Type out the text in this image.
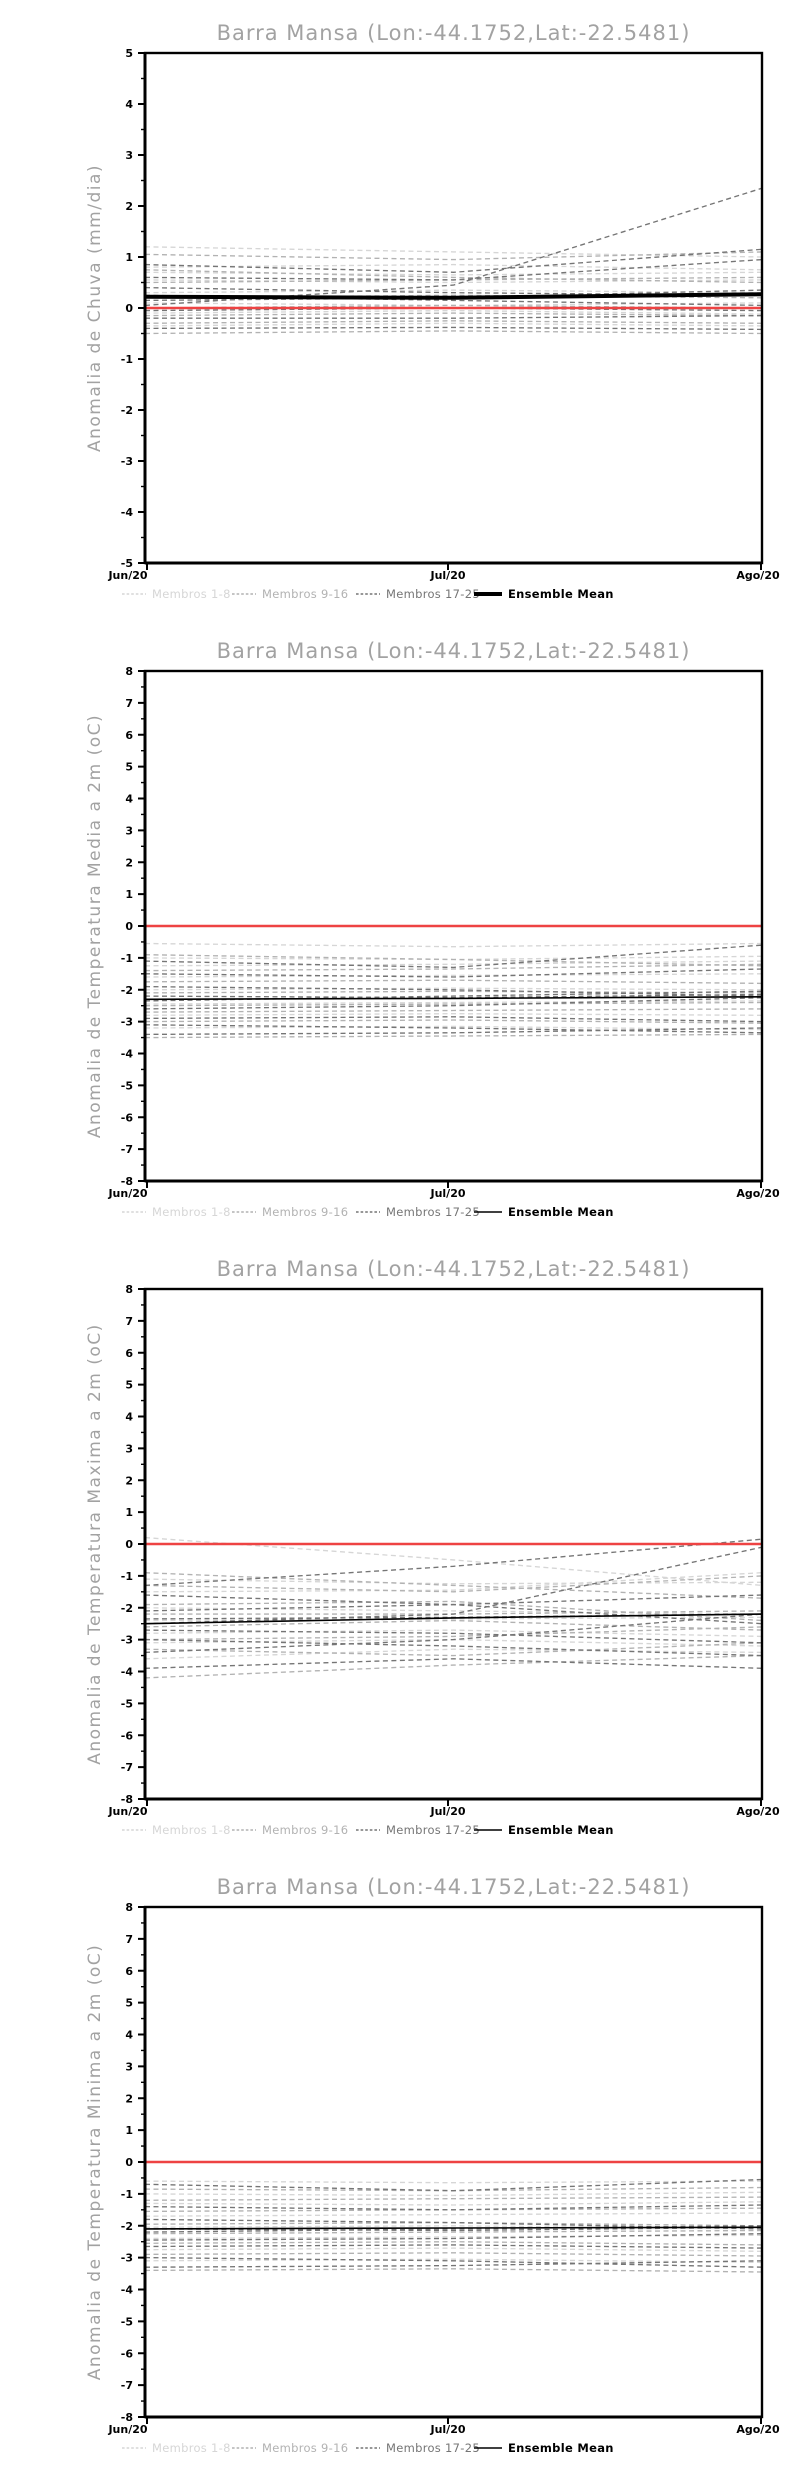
Barra Mansa (Lon:-44.1752,Lat:-22.5481)
Anomalia de Chuva (mm/dia)
5
4
3
2
1
0
-1
-2
-3
-4
-5
Jun/20	Jul/20	Ago/20
Membros 1-8	Membros 9-16	Membros 17-25 Ensemble Mean
Barra Mansa (Lon:-44.1752,Lat:-22.5481)
Anomalia de Temperatura Media a 2m (oC)
8
7
6
5
4
3
2
1
0
-1
-2
-3
-4
-5
-6
-7
-8
Jun/20	Jul/20	Ago/20
Membros 1-8	Membros 9-16	Membros 17-25 Ensemble Mean
Barra Mansa (Lon:-44.1752,Lat:-22.5481)
Anomalia de Temperatura Maxima a 2m (oC)
8
7
6
5
4
3
2
1
0
-1
-2
-3
-4
-5
-6
-7
-8
Jun/20	Jul/20	Ago/20
Membros 1-8	Membros 9-16	Membros 17-25 Ensemble Mean
Barra Mansa (Lon:-44.1752,Lat:-22.5481)
Anomalia de Temperatura Minima a 2m (oC)
8
7
6
5
4
3
2
1
0
-1
-2
-3
-4
-5
-6
-7
-8
Jun/20	Jul/20	Ago/20
Membros 1-8	Membros 9-16	Membros 17-25 Ensemble Mean
